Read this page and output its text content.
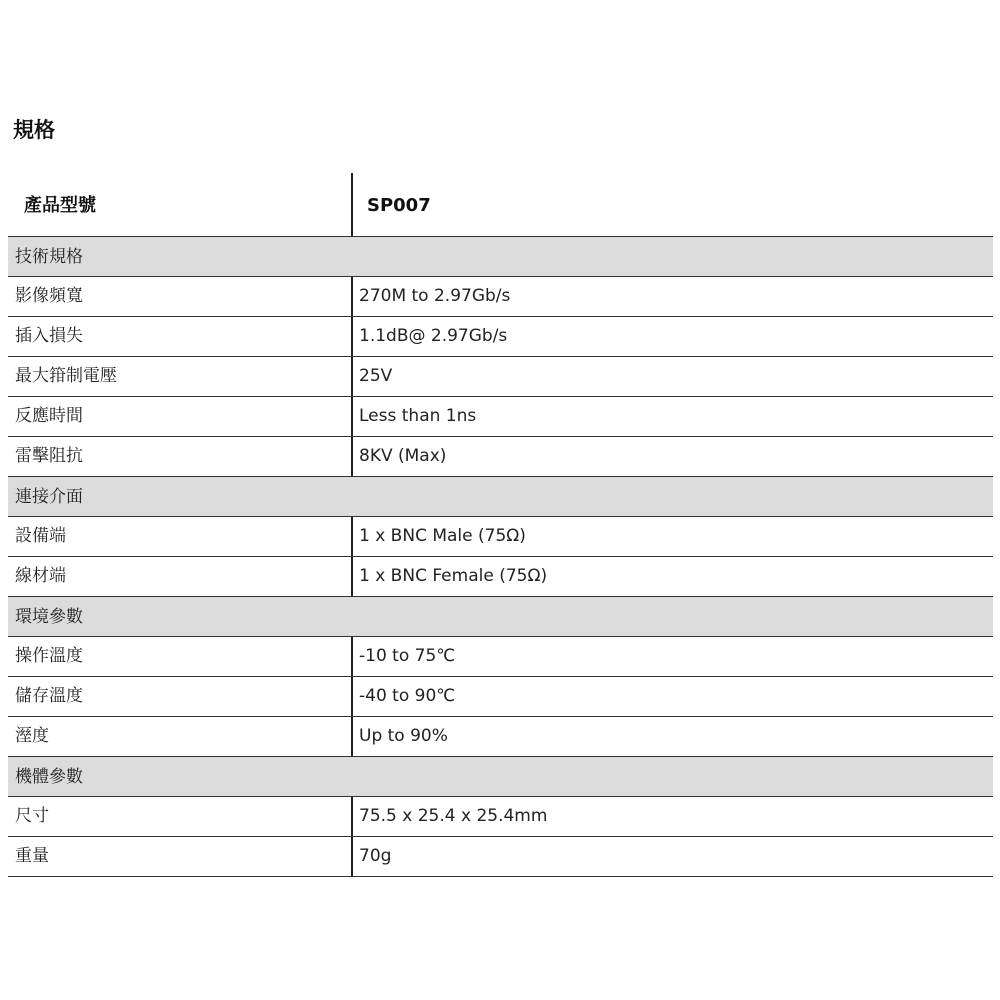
規格
產品型號	SP007
技術規格
影像頻寬	270M to 2.97Gb/s
插入損失	1.1dB@ 2.97Gb/s
最大箝制電壓	25V
反應時間	Less than 1ns
雷擊阻抗	8KV (Max)
連接介面
設備端	1 x BNC Male (75Ω)
線材端	1 x BNC Female (75Ω)
環境參數
操作溫度	-10 to 75℃
儲存溫度	-40 to 90℃
溼度	Up to 90%
機體參數
尺寸	75.5 x 25.4 x 25.4mm
重量	70g
